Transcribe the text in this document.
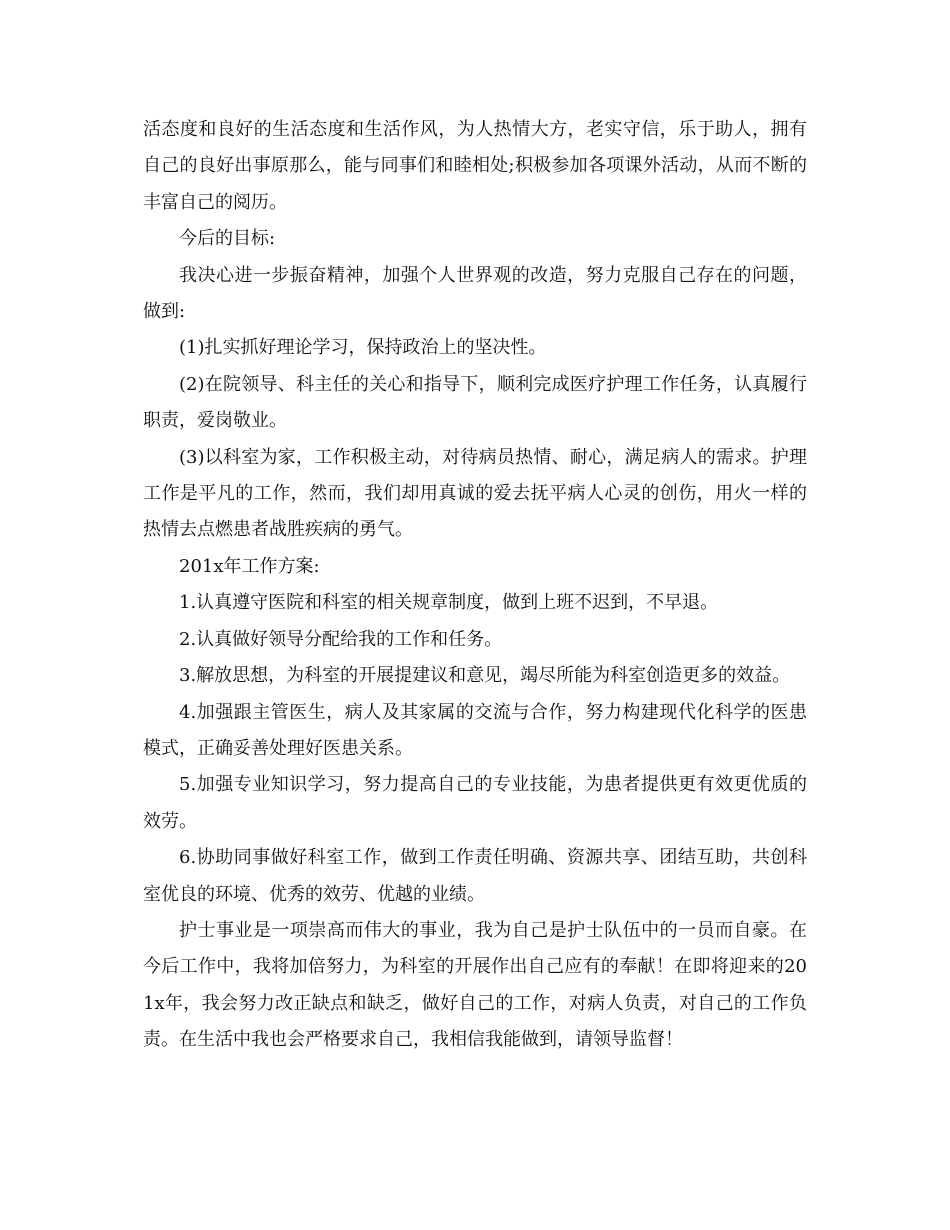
活态度和良好的生活态度和生活作风，为人热情大方，老实守信，乐于助人，拥有自己的良好出事原那么，能与同事们和睦相处;积极参加各项课外活动，从而不断的丰富自己的阅历。

今后的目标:

我决心进一步振奋精神，加强个人世界观的改造，努力克服自己存在的问题，做到:

(1)扎实抓好理论学习，保持政治上的坚决性。

(2)在院领导、科主任的关心和指导下，顺利完成医疗护理工作任务，认真履行职责，爱岗敬业。

(3)以科室为家，工作积极主动，对待病员热情、耐心，满足病人的需求。护理工作是平凡的工作，然而，我们却用真诚的爱去抚平病人心灵的创伤，用火一样的热情去点燃患者战胜疾病的勇气。

201x年工作方案:

1.认真遵守医院和科室的相关规章制度，做到上班不迟到，不早退。

2.认真做好领导分配给我的工作和任务。

3.解放思想，为科室的开展提建议和意见，竭尽所能为科室创造更多的效益。

4.加强跟主管医生，病人及其家属的交流与合作，努力构建现代化科学的医患模式，正确妥善处理好医患关系。

5.加强专业知识学习，努力提高自己的专业技能，为患者提供更有效更优质的效劳。

6.协助同事做好科室工作，做到工作责任明确、资源共享、团结互助，共创科室优良的环境、优秀的效劳、优越的业绩。

护士事业是一项崇高而伟大的事业，我为自己是护士队伍中的一员而自豪。在今后工作中，我将加倍努力，为科室的开展作出自己应有的奉献！在即将迎来的201x年，我会努力改正缺点和缺乏，做好自己的工作，对病人负责，对自己的工作负责。在生活中我也会严格要求自己，我相信我能做到，请领导监督！
